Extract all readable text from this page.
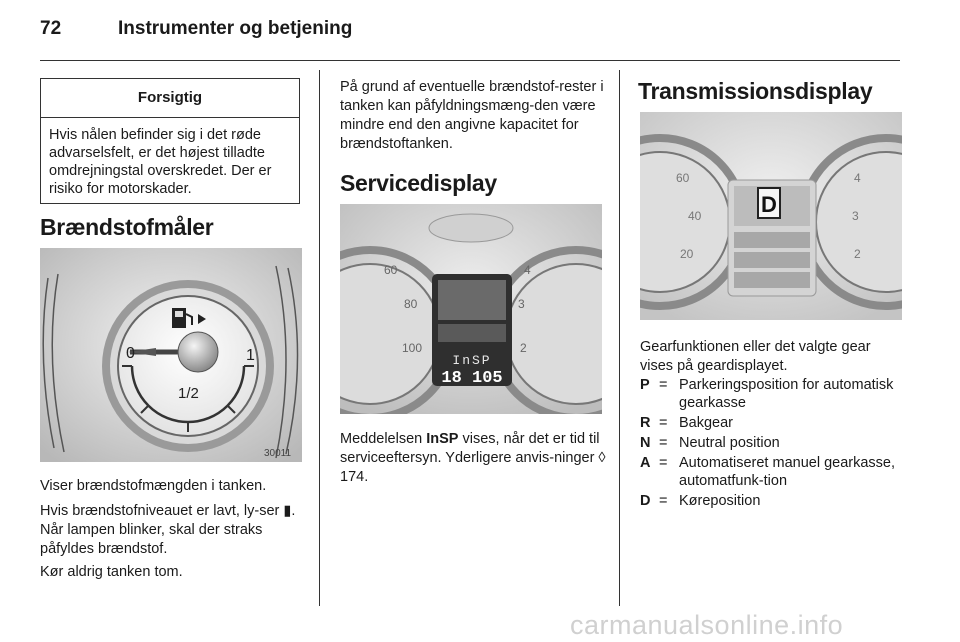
72	Instrumenter og betjening
Forsigtig
Hvis nålen befinder sig i det røde advarselsfelt, er det højest tilladte omdrejningstal overskredet. Der er risiko for motorskader.
Brændstofmåler
0
1/2
1
30011

Viser brændstofmængden i tanken.

Hvis brændstofniveauet er lavt, ly-ser ▮. Når lampen blinker, skal der straks påfyldes brændstof.

Kør aldrig tanken tom.

På grund af eventuelle brændstof-rester i tanken kan påfyldningsmæng-den være mindre end den angivne kapacitet for brændstoftanken.

Servicedisplay
60
80
100
4
3
2
InSP
18 105

Meddelelsen InSP vises, når det er tid til serviceeftersyn. Yderligere anvis-ninger ◊ 174.

Transmissionsdisplay
60
40
20
4
3
2
D

Gearfunktionen eller det valgte gear vises på geardisplayet.

P = Parkeringsposition for automatisk gearkasse
R = Bakgear
N = Neutral position
A = Automatiseret manuel gearkasse, automatfunk-tion
D = Køreposition
carmanualsonline.info
